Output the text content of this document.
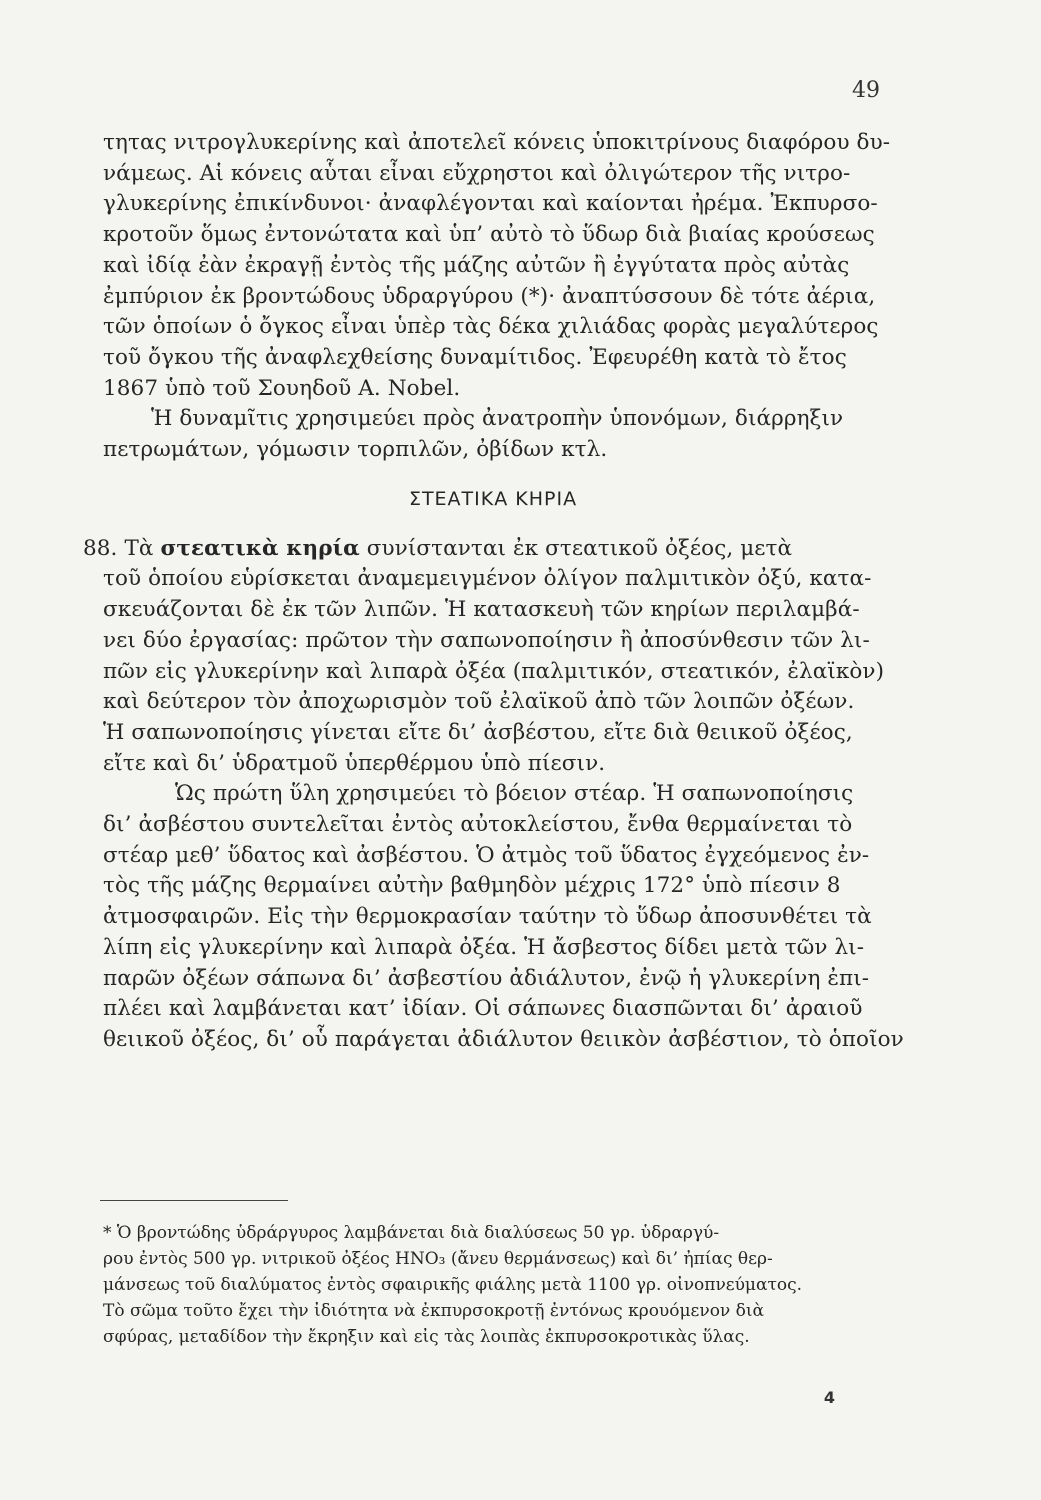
49
τητας νιτρογλυκερίνης καὶ ἀποτελεῖ κόνεις ὑποκιτρίνους διαφόρου δυ-
νάμεως. Αἱ κόνεις αὗται εἶναι εὔχρηστοι καὶ ὀλιγώτερον τῆς νιτρο-
γλυκερίνης ἐπικίνδυνοι· ἀναφλέγονται καὶ καίονται ἠρέμα. Ἐκπυρσο-
κροτοῦν ὅμως ἐντονώτατα καὶ ὑπ’ αὐτὸ τὸ ὕδωρ διὰ βιαίας κρούσεως
καὶ ἰδίᾳ ἐὰν ἐκραγῇ ἐντὸς τῆς μάζης αὐτῶν ἢ ἐγγύτατα πρὸς αὐτὰς
ἐμπύριον ἐκ βροντώδους ὑδραργύρου (*)· ἀναπτύσσουν δὲ τότε ἀέρια,
τῶν ὁποίων ὁ ὄγκος εἶναι ὑπὲρ τὰς δέκα χιλιάδας φορὰς μεγαλύτερος
τοῦ ὄγκου τῆς ἀναφλεχθείσης δυναμίτιδος. Ἐφευρέθη κατὰ τὸ ἔτος
1867 ὑπὸ τοῦ Σουηδοῦ A. Nobel.
Ἡ δυναμῖτις χρησιμεύει πρὸς ἀνατροπὴν ὑπονόμων, διάρρηξιν
πετρωμάτων, γόμωσιν τορπιλῶν, ὀβίδων κτλ.
ΣΤΕΑΤΙΚΑ ΚΗΡΙΑ
88. Τὰ στεατικὰ κηρία συνίστανται ἐκ στεατικοῦ ὀξέος, μετὰ
τοῦ ὁποίου εὑρίσκεται ἀναμεμειγμένον ὀλίγον παλμιτικὸν ὀξύ, κατα-
σκευάζονται δὲ ἐκ τῶν λιπῶν. Ἡ κατασκευὴ τῶν κηρίων περιλαμβά-
νει δύο ἐργασίας: πρῶτον τὴν σαπωνοποίησιν ἢ ἀποσύνθεσιν τῶν λι-
πῶν εἰς γλυκερίνην καὶ λιπαρὰ ὀξέα (παλμιτικόν, στεατικόν, ἐλαϊκὸν)
καὶ δεύτερον τὸν ἀποχωρισμὸν τοῦ ἐλαϊκοῦ ἀπὸ τῶν λοιπῶν ὀξέων.
Ἡ σαπωνοποίησις γίνεται εἴτε δι’ ἀσβέστου, εἴτε διὰ θειικοῦ ὀξέος,
εἴτε καὶ δι’ ὑδρατμοῦ ὑπερθέρμου ὑπὸ πίεσιν.
Ὡς πρώτη ὕλη χρησιμεύει τὸ βόειον στέαρ. Ἡ σαπωνοποίησις
δι’ ἀσβέστου συντελεῖται ἐντὸς αὐτοκλείστου, ἔνθα θερμαίνεται τὸ
στέαρ μεθ’ ὕδατος καὶ ἀσβέστου. Ὁ ἀτμὸς τοῦ ὕδατος ἐγχεόμενος ἐν-
τὸς τῆς μάζης θερμαίνει αὐτὴν βαθμηδὸν μέχρις 172° ὑπὸ πίεσιν 8
ἀτμοσφαιρῶν. Εἰς τὴν θερμοκρασίαν ταύτην τὸ ὕδωρ ἀποσυνθέτει τὰ
λίπη εἰς γλυκερίνην καὶ λιπαρὰ ὀξέα. Ἡ ἄσβεστος δίδει μετὰ τῶν λι-
παρῶν ὀξέων σάπωνα δι’ ἀσβεστίου ἀδιάλυτον, ἐνῷ ἡ γλυκερίνη ἐπι-
πλέει καὶ λαμβάνεται κατ’ ἰδίαν. Οἱ σάπωνες διασπῶνται δι’ ἀραιοῦ
θειικοῦ ὀξέος, δι’ οὗ παράγεται ἀδιάλυτον θειικὸν ἀσβέστιον, τὸ ὁποῖον
* Ὁ βροντώδης ὑδράργυρος λαμβάνεται διὰ διαλύσεως 50 γρ. ὑδραργύ-
ρου ἐντὸς 500 γρ. νιτρικοῦ ὀξέος HNO₃ (ἄνευ θερμάνσεως) καὶ δι’ ἠπίας θερ-
μάνσεως τοῦ διαλύματος ἐντὸς σφαιρικῆς φιάλης μετὰ 1100 γρ. οἰνοπνεύματος.
Τὸ σῶμα τοῦτο ἔχει τὴν ἰδιότητα νὰ ἐκπυρσοκροτῇ ἐντόνως κρουόμενον διὰ
σφύρας, μεταδίδον τὴν ἔκρηξιν καὶ εἰς τὰς λοιπὰς ἐκπυρσοκροτικὰς ὕλας.
4
